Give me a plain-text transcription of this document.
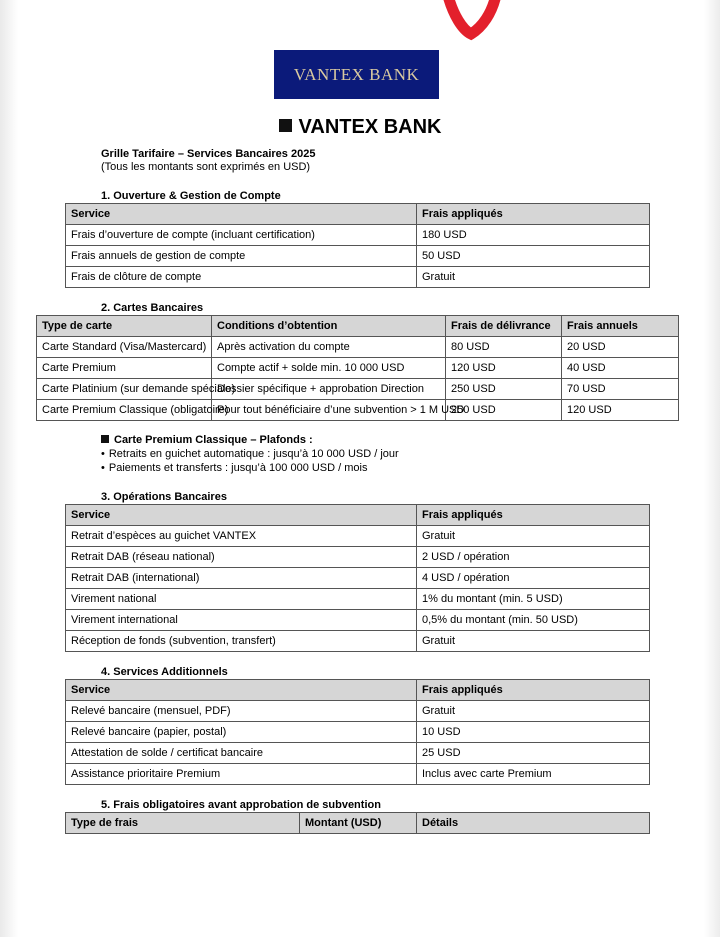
VANTEX BANK
VANTEX BANK
Grille Tarifaire – Services Bancaires 2025
(Tous les montants sont exprimés en USD)
1. Ouverture & Gestion de Compte
Service	Frais appliqués
Frais d’ouverture de compte (incluant certification)	180 USD
Frais annuels de gestion de compte	50 USD
Frais de clôture de compte	Gratuit
2. Cartes Bancaires
Type de carte	Conditions d’obtention	Frais de délivrance	Frais annuels
Carte Standard (Visa/Mastercard)	Après activation du compte	80 USD	20 USD
Carte Premium	Compte actif + solde min. 10 000 USD	120 USD	40 USD
Carte Platinium (sur demande spéciale)	Dossier spécifique + approbation Direction	250 USD	70 USD
Carte Premium Classique (obligatoire)	Pour tout bénéficiaire d’une subvention > 1 M USD	250 USD	120 USD
Carte Premium Classique – Plafonds :
• Retraits en guichet automatique : jusqu’à 10 000 USD / jour
• Paiements et transferts : jusqu’à 100 000 USD / mois
3. Opérations Bancaires
Service	Frais appliqués
Retrait d’espèces au guichet VANTEX	Gratuit
Retrait DAB (réseau national)	2 USD / opération
Retrait DAB (international)	4 USD / opération
Virement national	1% du montant (min. 5 USD)
Virement international	0,5% du montant (min. 50 USD)
Réception de fonds (subvention, transfert)	Gratuit
4. Services Additionnels
Service	Frais appliqués
Relevé bancaire (mensuel, PDF)	Gratuit
Relevé bancaire (papier, postal)	10 USD
Attestation de solde / certificat bancaire	25 USD
Assistance prioritaire Premium	Inclus avec carte Premium
5. Frais obligatoires avant approbation de subvention
Type de frais	Montant (USD)	Détails
